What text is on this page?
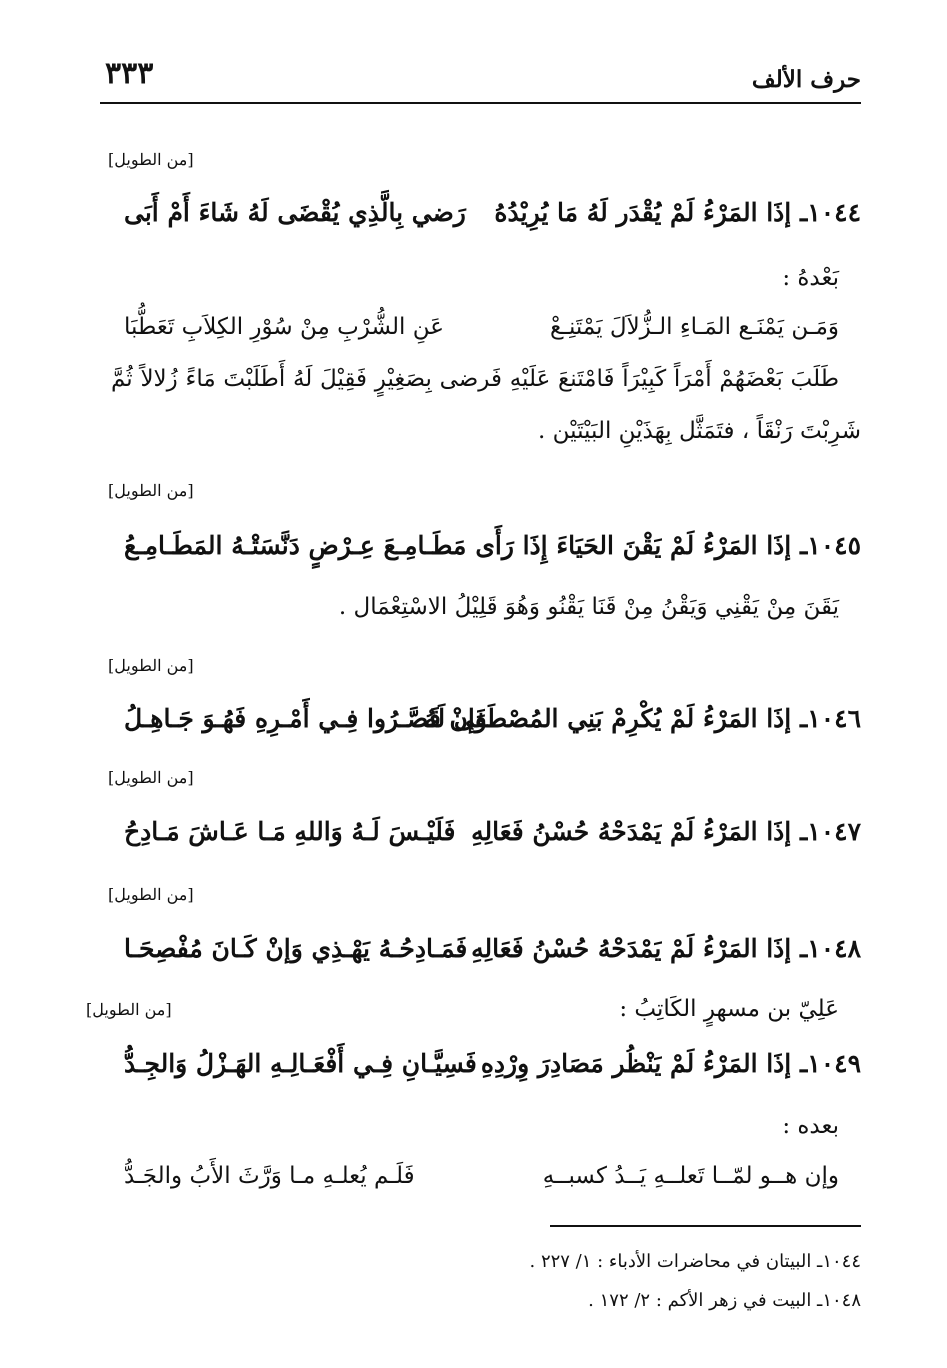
حرف الألف
٣٣٣
[من الطويل]
١٠٤٤ـ إذَا المَرْءُ لَمْ يُقْدَر لَهُ مَا يُرِيْدُهُ
رَضي بِالَّذِي يُقْضَى لَهُ شَاءَ أَمْ أَبَى
بَعْدهُ :
وَمَـن يَمْنَـع المَـاءِ الـزُّلاَلَ يَمْتَنِـعْ
عَنِ الشُّرْبِ مِنْ سُوْرِ الكِلاَبِ تَعَطُّبَا
طَلَبَ بَعْضَهُمْ أَمْرَاً كَبِيْرَاً فَامْتَنعَ عَلَيْهِ فَرضى بِصَغِيْرٍ فَقِيْلَ لَهُ أَطَلَبْتَ مَاءً زُلالاً ثُمَّ
شَرِبْتَ رَنْقَاً ، فتَمَثَّل بِهَذَيْنِ البَيْتَيْن .
[من الطويل]
١٠٤٥ـ إذَا المَرْءُ لَمْ يَقْنَ الحَيَاءَ إِذَا رَأَى
مَطَـامِـعَ عِـرْضٍ دَنَّسَتْـهُ المَطَـامِـعُ
يَقَنَ مِنْ يَقْنِي وَيَقْنُ مِنْ قَنَا يَقْنُو وَهُوَ قَلِيْلُ الاسْتِعْمَال .
[من الطويل]
١٠٤٦ـ إذَا المَرْءُ لَمْ يُكْرِمْ بَنِي المُصْطَفَى لَهُ
وَإنْ قَصَّـرُوا فِـي أَمْـرِهِ فَهُـوَ جَـاهِـلُ
[من الطويل]
١٠٤٧ـ إذَا المَرْءُ لَمْ يَمْدَحْهُ حُسْنُ فَعَالِهِ
فَلَيْـسَ لَـهُ وَاللهِ مَـا عَـاشَ مَـادِحُ
[من الطويل]
١٠٤٨ـ إذَا المَرْءُ لَمْ يَمْدَحْهُ حُسْنُ فَعَالِهِ
فَمَـادِحُـهُ يَهْـذِي وَإنْ كَـانَ مُفْصِحَـا
عَلِيّ بن مسهرٍ الكَاتِبُ :
[من الطويل]
١٠٤٩ـ إذَا المَرْءُ لَمْ يَنْظُر مَصَادِرَ وِرْدِهِ
فَسِيَّـانِ فِـي أَفْعَـالِـهِ الهَـزْلُ وَالجِـدُّ
بعده :
وإن هــو لمّــا تَعلــهِ يَــدُ كسبــهِ
فَلَـم يُعلـهِ مـا وَرَّثَ الأَبُ والجَـدُّ
١٠٤٤ـ البيتان في محاضرات الأدباء : ١/ ٢٢٧ .
١٠٤٨ـ البيت في زهر الأكم : ٢/ ١٧٢ .
